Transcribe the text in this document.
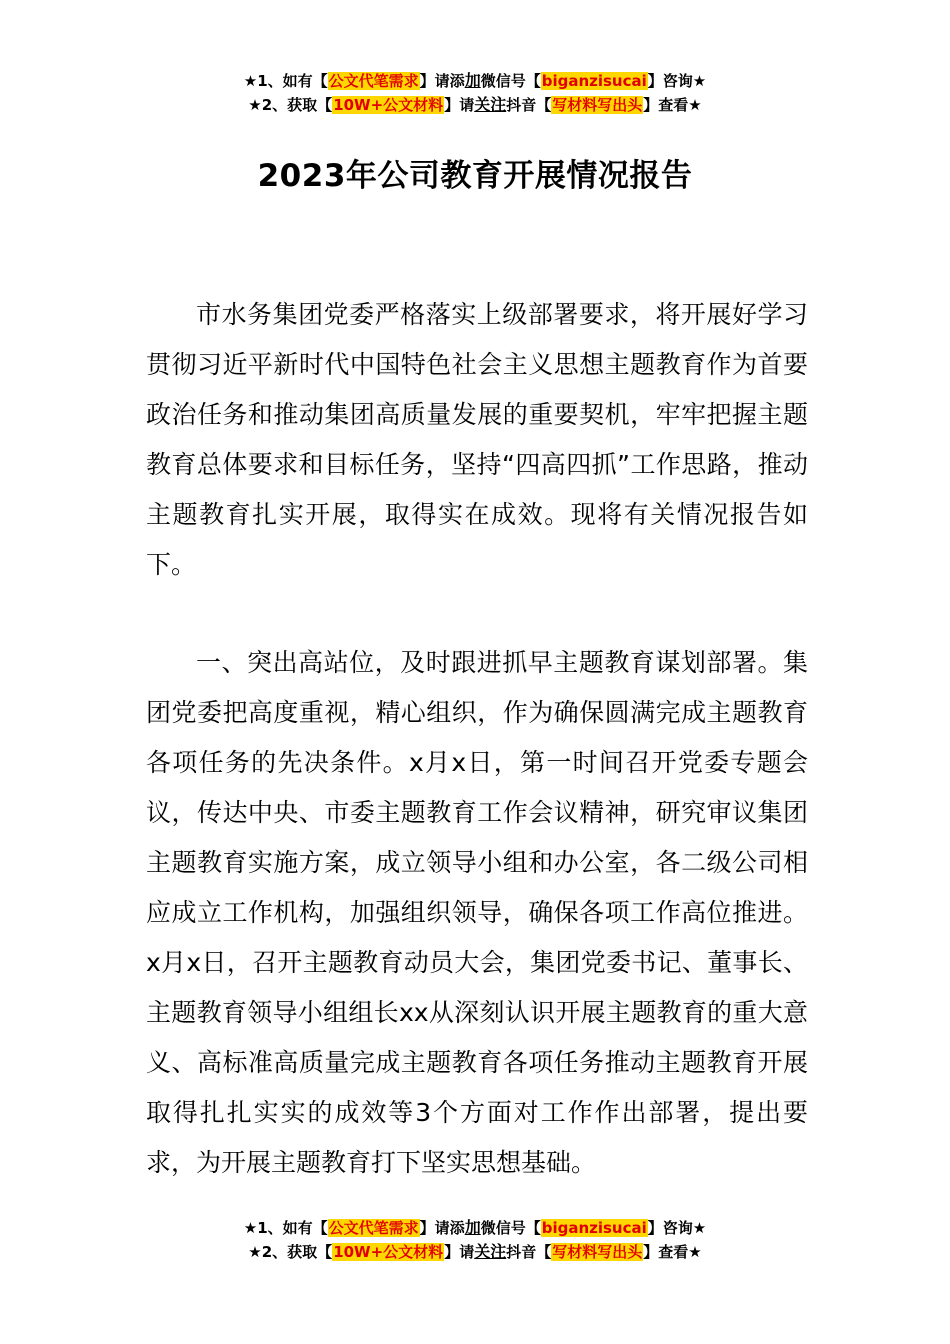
★1、如有【公文代笔需求】请添加微信号【biganzisucai】咨询★
★2、获取【10W+公文材料】请关注抖音【写材料写出头】查看★
2023年公司教育开展情况报告

市水务集团党委严格落实上级部署要求，将开展好学习贯彻习近平新时代中国特色社会主义思想主题教育作为首要政治任务和推动集团高质量发展的重要契机，牢牢把握主题教育总体要求和目标任务，坚持“四高四抓”工作思路，推动主题教育扎实开展，取得实在成效。现将有关情况报告如下。

一、突出高站位，及时跟进抓早主题教育谋划部署。集团党委把高度重视，精心组织，作为确保圆满完成主题教育各项任务的先决条件。x月x日，第一时间召开党委专题会议，传达中央、市委主题教育工作会议精神，研究审议集团主题教育实施方案，成立领导小组和办公室，各二级公司相应成立工作机构，加强组织领导，确保各项工作高位推进。x月x日，召开主题教育动员大会，集团党委书记、董事长、主题教育领导小组组长xx从深刻认识开展主题教育的重大意义、高标准高质量完成主题教育各项任务推动主题教育开展取得扎扎实实的成效等3个方面对工作作出部署，提出要求，为开展主题教育打下坚实思想基础。

★1、如有【公文代笔需求】请添加微信号【biganzisucai】咨询★
★2、获取【10W+公文材料】请关注抖音【写材料写出头】查看★
